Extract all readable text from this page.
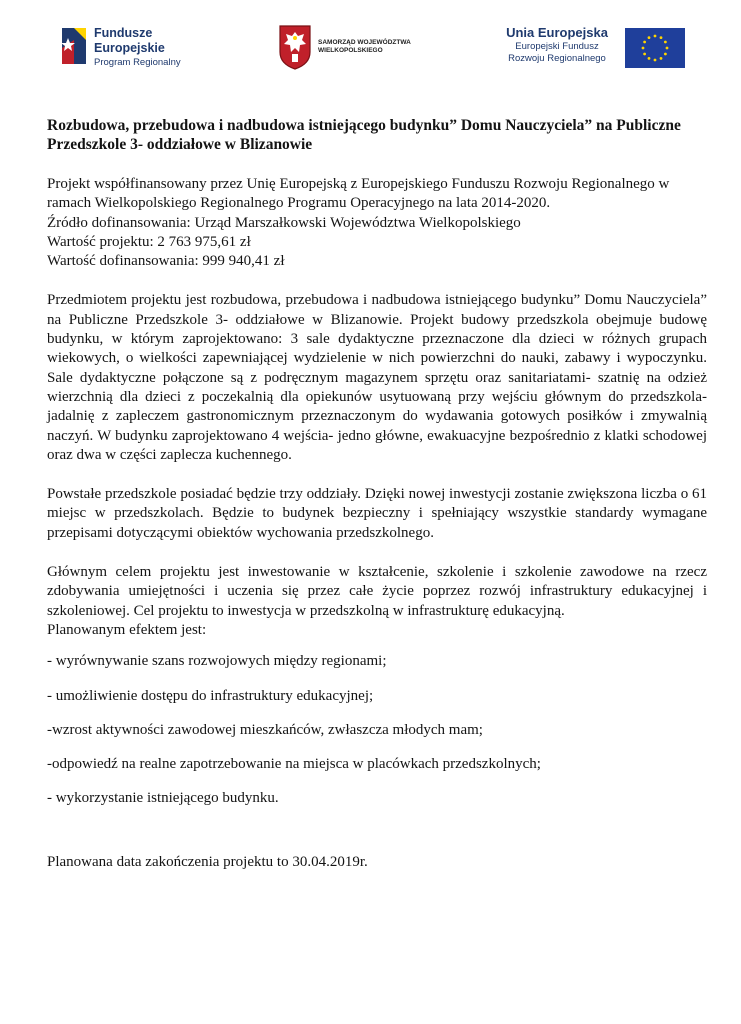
Fundusze
Europejskie
Program Regionalny
SAMORZĄD WOJEWÓDZTWA
WIELKOPOLSKIEGO
Unia Europejska
Europejski Fundusz
Rozwoju Regionalnego
Rozbudowa, przebudowa i nadbudowa istniejącego budynku” Domu Nauczyciela” na Publiczne Przedszkole 3- oddziałowe w Blizanowie

Projekt współfinansowany przez Unię Europejską z Europejskiego Funduszu Rozwoju Regionalnego w ramach Wielkopolskiego Regionalnego Programu Operacyjnego na lata 2014-2020.

Źródło dofinansowania: Urząd Marszałkowski Województwa Wielkopolskiego

Wartość projektu: 2 763 975,61 zł

Wartość dofinansowania: 999 940,41 zł

Przedmiotem projektu jest rozbudowa, przebudowa i nadbudowa istniejącego budynku” Domu Nauczyciela” na Publiczne Przedszkole 3- oddziałowe w Blizanowie. Projekt budowy przedszkola obejmuje budowę budynku, w którym zaprojektowano: 3 sale dydaktyczne przeznaczone dla dzieci w różnych grupach wiekowych, o wielkości zapewniającej wydzielenie w nich powierzchni do nauki, zabawy i wypoczynku. Sale dydaktyczne połączone są z podręcznym magazynem sprzętu oraz sanitariatami- szatnię na odzież wierzchnią dla dzieci z poczekalnią dla opiekunów usytuowaną przy wejściu głównym do przedszkola- jadalnię z zapleczem gastronomicznym przeznaczonym do wydawania gotowych posiłków i zmywalnią naczyń. W budynku zaprojektowano 4 wejścia- jedno główne, ewakuacyjne bezpośrednio z klatki schodowej oraz dwa w części zaplecza kuchennego.

Powstałe przedszkole posiadać będzie trzy oddziały. Dzięki nowej inwestycji zostanie zwiększona liczba o 61 miejsc w przedszkolach. Będzie to budynek bezpieczny i spełniający wszystkie standardy wymagane przepisami dotyczącymi obiektów wychowania przedszkolnego.

Głównym celem projektu jest inwestowanie w kształcenie, szkolenie i szkolenie zawodowe na rzecz zdobywania umiejętności i uczenia się przez całe życie poprzez rozwój infrastruktury edukacyjnej i szkoleniowej. Cel projektu to inwestycja w przedszkolną w infrastrukturę edukacyjną.

Planowanym efektem jest:

- wyrównywanie szans rozwojowych między regionami;

- umożliwienie dostępu do infrastruktury edukacyjnej;

-wzrost aktywności zawodowej mieszkańców, zwłaszcza młodych mam;

-odpowiedź na realne zapotrzebowanie na miejsca w placówkach przedszkolnych;

- wykorzystanie istniejącego budynku.

Planowana data zakończenia projektu to 30.04.2019r.
